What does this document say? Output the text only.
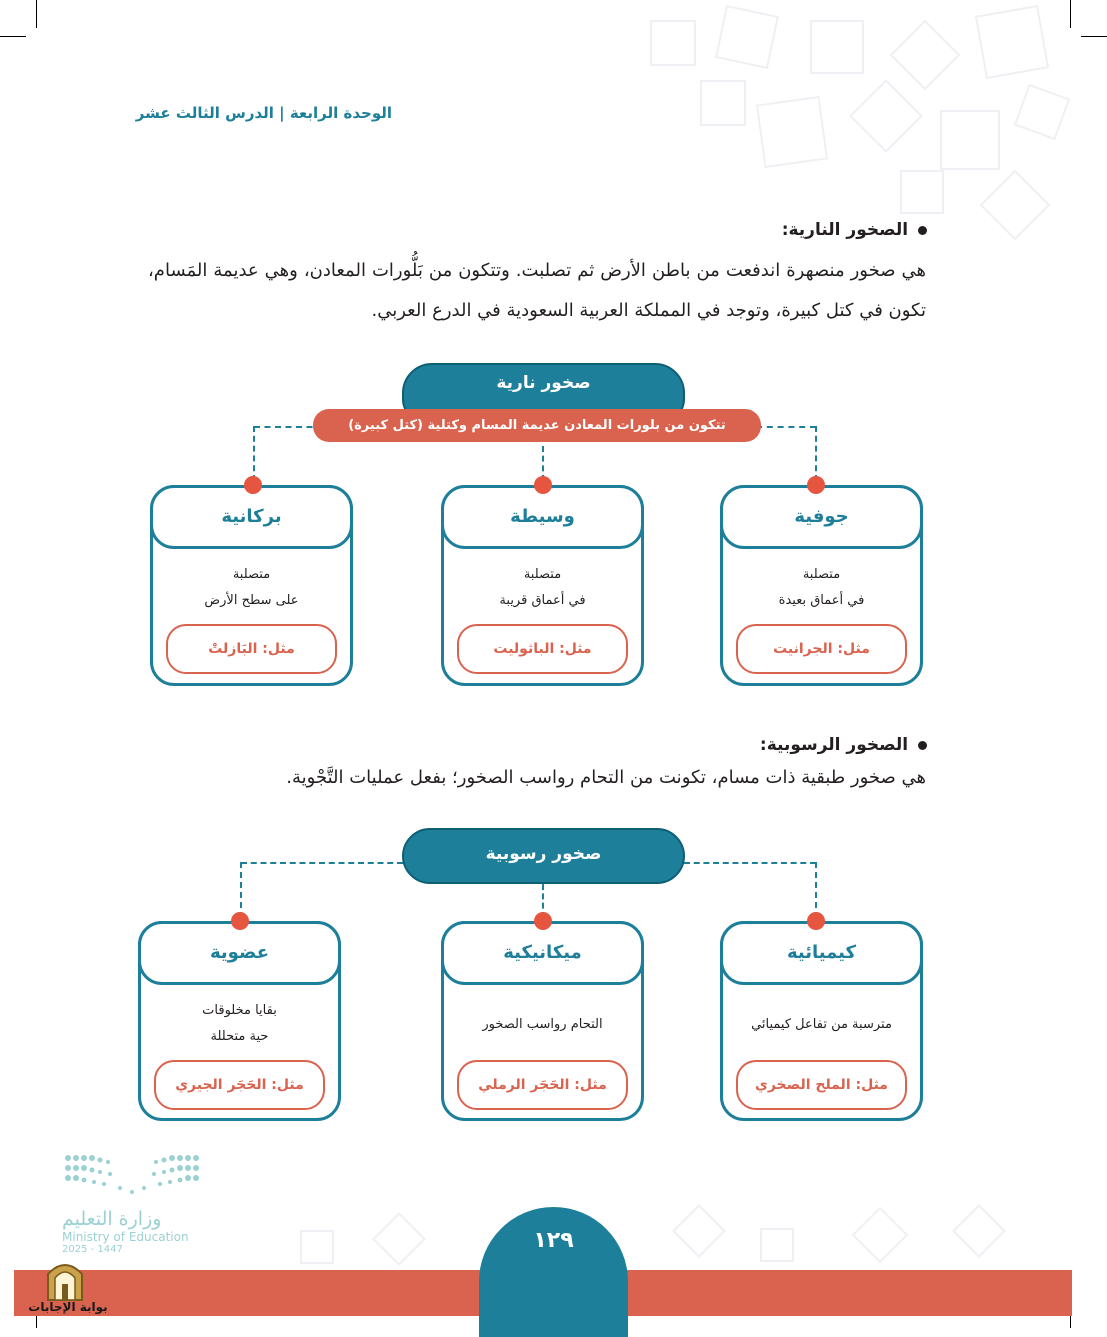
الوحدة الرابعة | الدرس الثالث عشر
الصخور النارية:
هي صخور منصهرة اندفعت من باطن الأرض ثم تصلبت. وتتكون من بَلُّورات المعادن، وهي عديمة المَسام، تكون في كتل كبيرة، وتوجد في المملكة العربية السعودية في الدرع العربي.
صخور نارية
تتكون من بلورات المعادن عديمة المسام وكتلية (كتل كبيرة)
جوفية
متصلبة
في أعماق بعيدة
مثل: الجرانيت
وسيطة
متصلبة
في أعماق قريبة
مثل: الباثوليت
بركانية
متصلبة
على سطح الأرض
مثل: البَازلتْ
الصخور الرسوبية:
هي صخور طبقية ذات مسام، تكونت من التحام رواسب الصخور؛ بفعل عمليات التَّجْوية.
صخور رسوبية
كيميائية
مترسبة من تفاعل كيميائي
مثل: الملح الصخري
ميكانيكية
التحام رواسب الصخور
مثل: الحَجَر الرملي
عضوية
بقايا مخلوقات
حية متحللة
مثل: الحَجَر الجيري
وزارة التعليم
Ministry of Education
2025 - 1447	١٢٩
بوابة الإجابات
